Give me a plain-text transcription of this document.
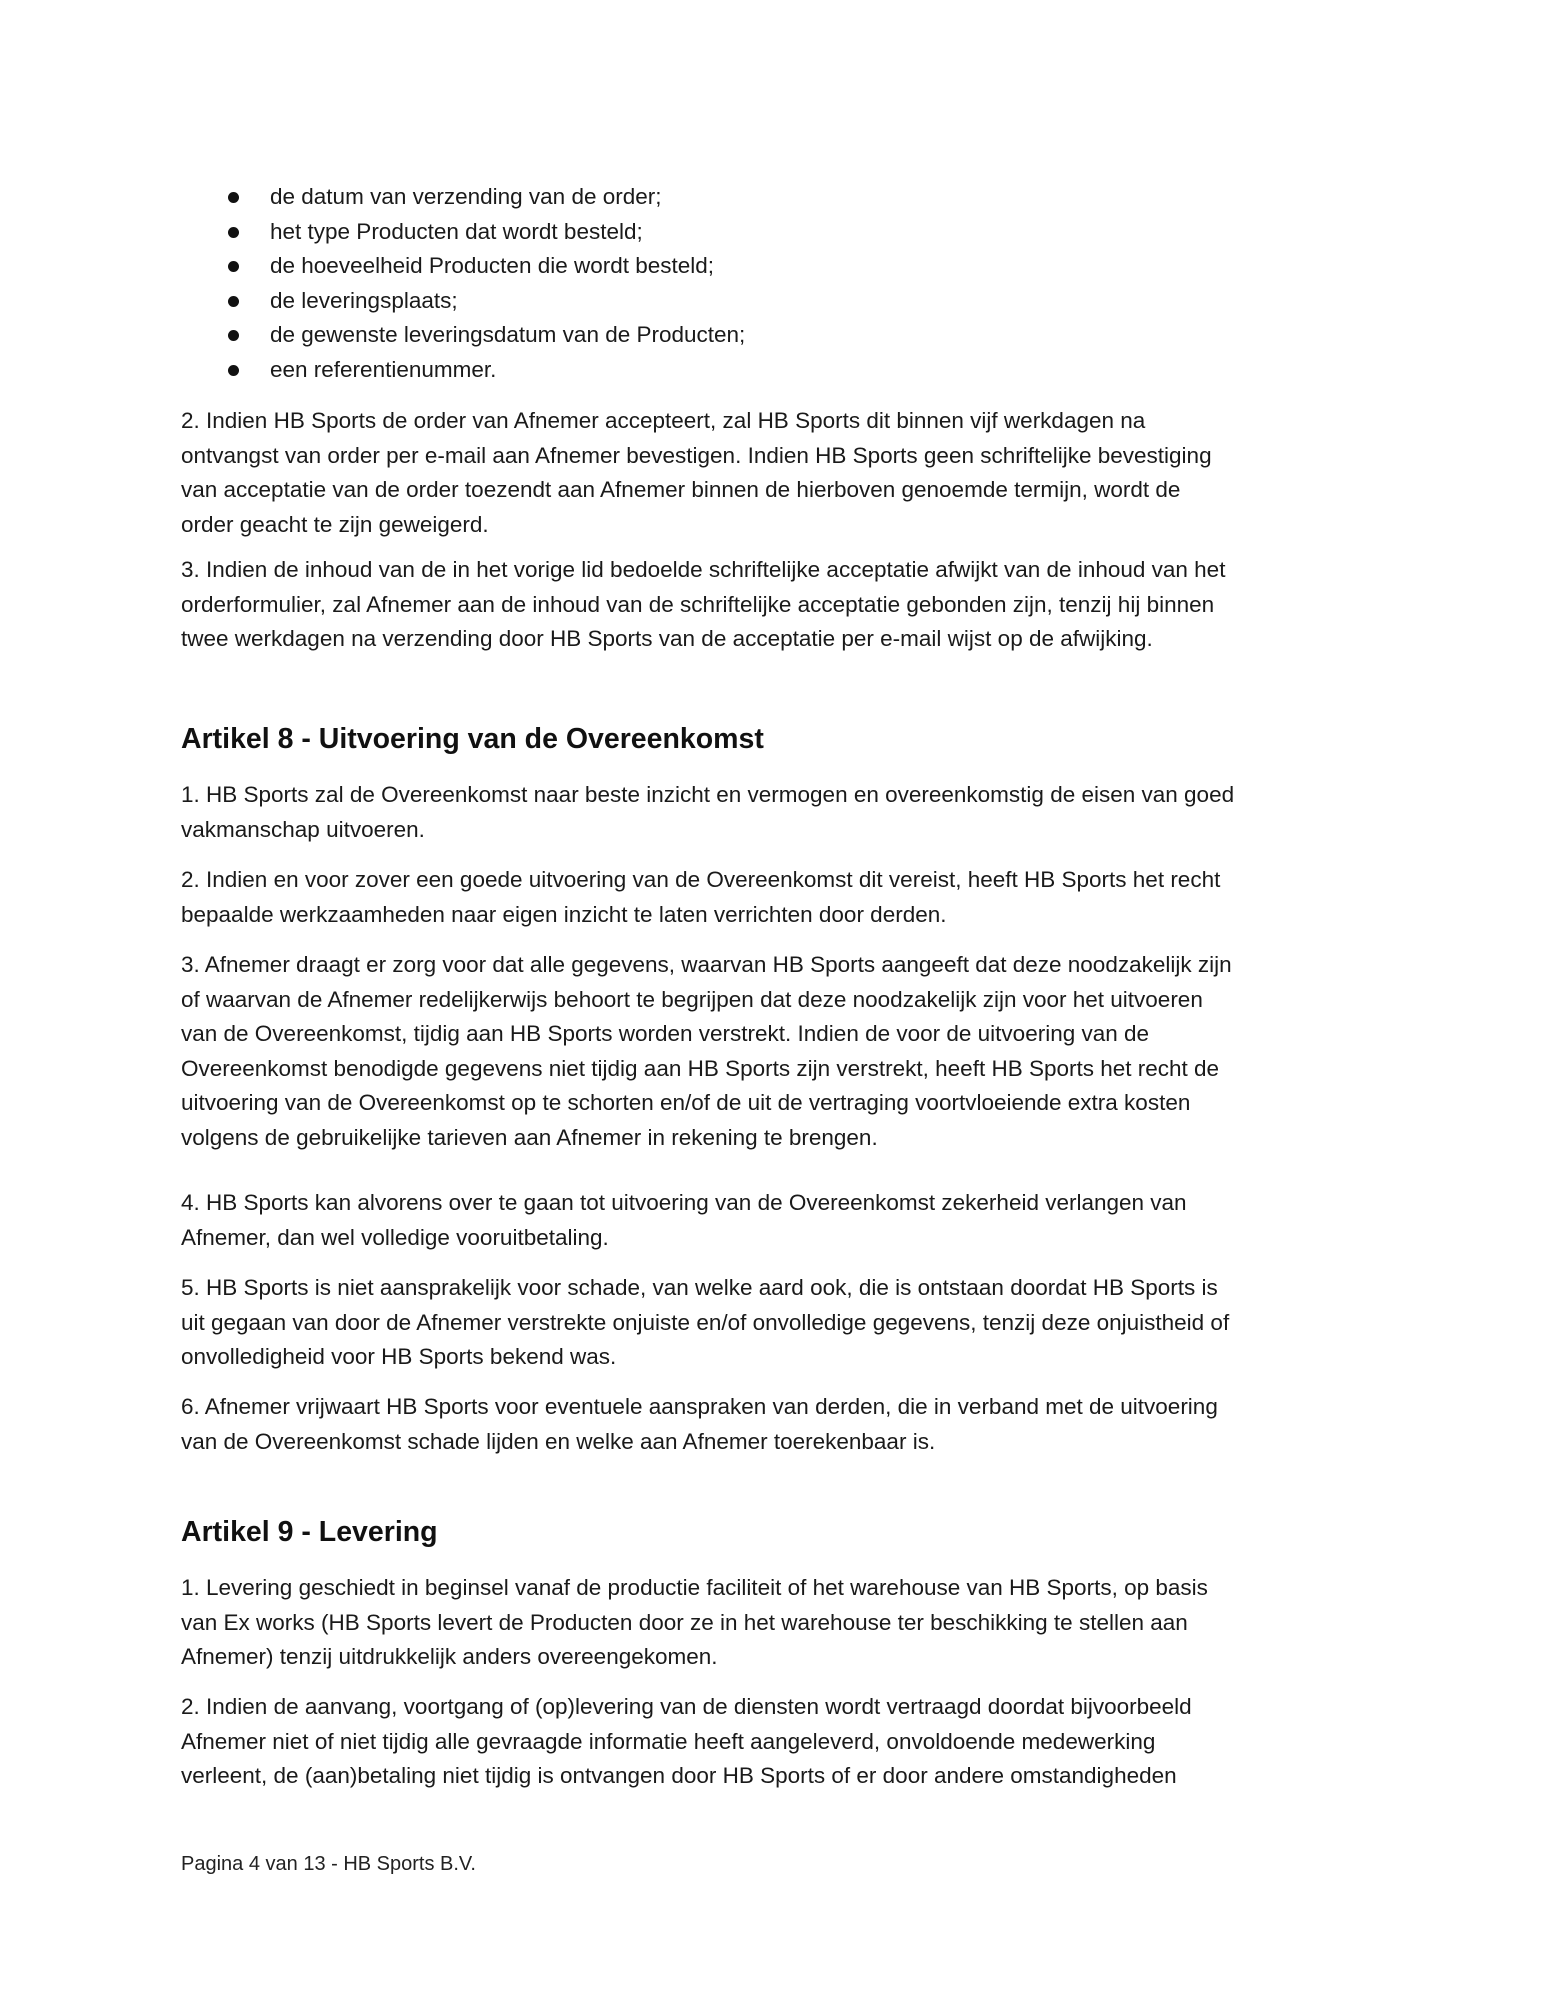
de datum van verzending van de order;
het type Producten dat wordt besteld;
de hoeveelheid Producten die wordt besteld;
de leveringsplaats;
de gewenste leveringsdatum van de Producten;
een referentienummer.

2. Indien HB Sports de order van Afnemer accepteert, zal HB Sports dit binnen vijf werkdagen na
ontvangst van order per e-mail aan Afnemer bevestigen. Indien HB Sports geen schriftelijke bevestiging
van acceptatie van de order toezendt aan Afnemer binnen de hierboven genoemde termijn, wordt de
order geacht te zijn geweigerd.

3. Indien de inhoud van de in het vorige lid bedoelde schriftelijke acceptatie afwijkt van de inhoud van het
orderformulier, zal Afnemer aan de inhoud van de schriftelijke acceptatie gebonden zijn, tenzij hij binnen
twee werkdagen na verzending door HB Sports van de acceptatie per e-mail wijst op de afwijking.

Artikel 8 - Uitvoering van de Overeenkomst

1. HB Sports zal de Overeenkomst naar beste inzicht en vermogen en overeenkomstig de eisen van goed
vakmanschap uitvoeren.

2. Indien en voor zover een goede uitvoering van de Overeenkomst dit vereist, heeft HB Sports het recht
bepaalde werkzaamheden naar eigen inzicht te laten verrichten door derden.

3. Afnemer draagt er zorg voor dat alle gegevens, waarvan HB Sports aangeeft dat deze noodzakelijk zijn
of waarvan de Afnemer redelijkerwijs behoort te begrijpen dat deze noodzakelijk zijn voor het uitvoeren
van de Overeenkomst, tijdig aan HB Sports worden verstrekt. Indien de voor de uitvoering van de
Overeenkomst benodigde gegevens niet tijdig aan HB Sports zijn verstrekt, heeft HB Sports het recht de
uitvoering van de Overeenkomst op te schorten en/of de uit de vertraging voortvloeiende extra kosten
volgens de gebruikelijke tarieven aan Afnemer in rekening te brengen.

4. HB Sports kan alvorens over te gaan tot uitvoering van de Overeenkomst zekerheid verlangen van
Afnemer, dan wel volledige vooruitbetaling.

5. HB Sports is niet aansprakelijk voor schade, van welke aard ook, die is ontstaan doordat HB Sports is
uit gegaan van door de Afnemer verstrekte onjuiste en/of onvolledige gegevens, tenzij deze onjuistheid of
onvolledigheid voor HB Sports bekend was.

6. Afnemer vrijwaart HB Sports voor eventuele aanspraken van derden, die in verband met de uitvoering
van de Overeenkomst schade lijden en welke aan Afnemer toerekenbaar is.

Artikel 9 - Levering

1. Levering geschiedt in beginsel vanaf de productie faciliteit of het warehouse van HB Sports, op basis
van Ex works (HB Sports levert de Producten door ze in het warehouse ter beschikking te stellen aan
Afnemer) tenzij uitdrukkelijk anders overeengekomen.

2. Indien de aanvang, voortgang of (op)levering van de diensten wordt vertraagd doordat bijvoorbeeld
Afnemer niet of niet tijdig alle gevraagde informatie heeft aangeleverd, onvoldoende medewerking
verleent, de (aan)betaling niet tijdig is ontvangen door HB Sports of er door andere omstandigheden

Pagina 4 van 13 - HB Sports B.V.
